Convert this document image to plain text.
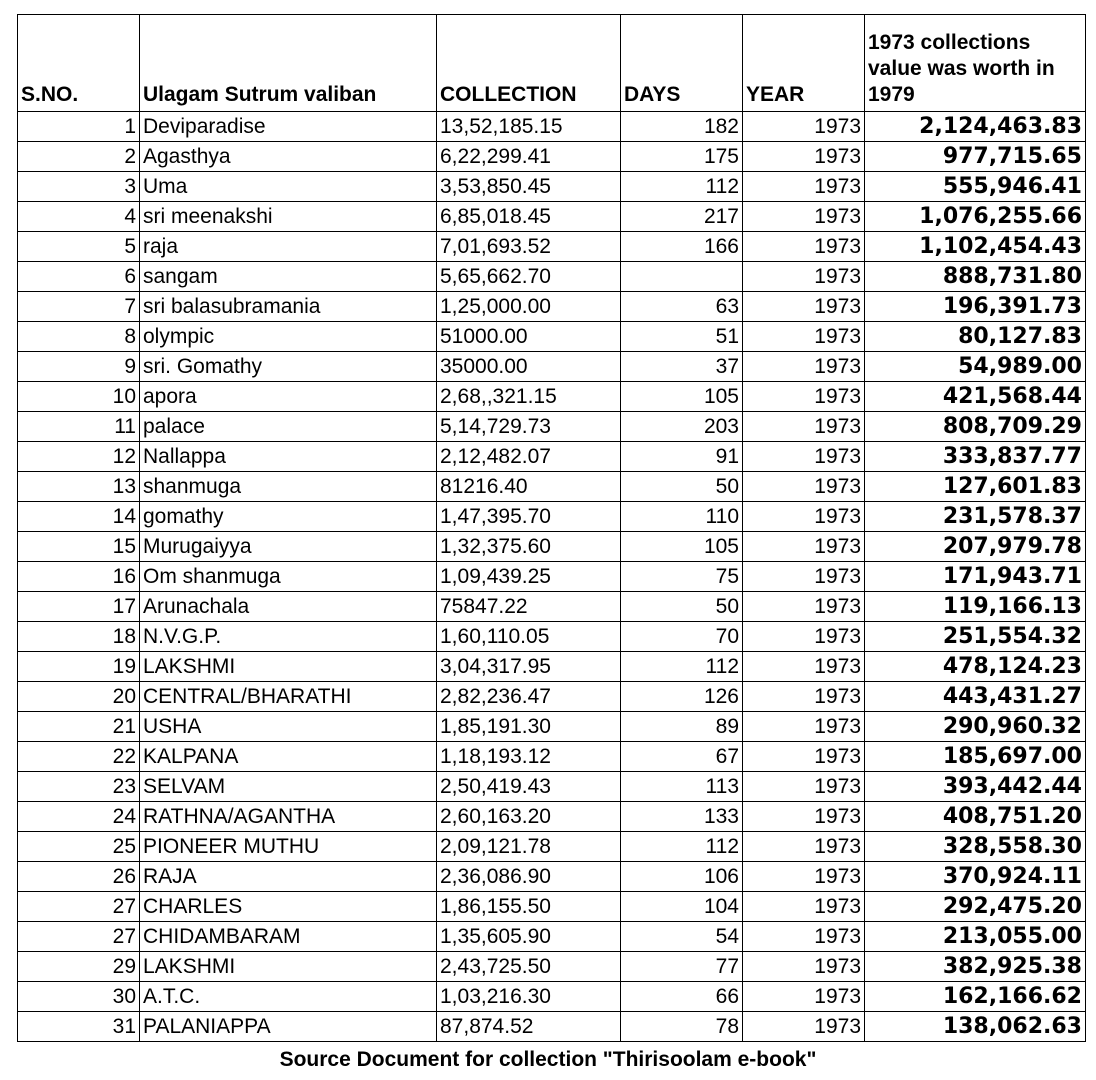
S.NO.	Ulagam Sutrum valiban	COLLECTION	DAYS	YEAR	1973 collections value was worth in 1979
1	Deviparadise	13,52,185.15	182	1973	2,124,463.83
2	Agasthya	6,22,299.41	175	1973	977,715.65
3	Uma	3,53,850.45	112	1973	555,946.41
4	sri meenakshi	6,85,018.45	217	1973	1,076,255.66
5	raja	7,01,693.52	166	1973	1,102,454.43
6	sangam	5,65,662.70		1973	888,731.80
7	sri balasubramania	1,25,000.00	63	1973	196,391.73
8	olympic	51000.00	51	1973	80,127.83
9	sri. Gomathy	35000.00	37	1973	54,989.00
10	apora	2,68,,321.15	105	1973	421,568.44
11	palace	5,14,729.73	203	1973	808,709.29
12	Nallappa	2,12,482.07	91	1973	333,837.77
13	shanmuga	81216.40	50	1973	127,601.83
14	gomathy	1,47,395.70	110	1973	231,578.37
15	Murugaiyya	1,32,375.60	105	1973	207,979.78
16	Om shanmuga	1,09,439.25	75	1973	171,943.71
17	Arunachala	75847.22	50	1973	119,166.13
18	N.V.G.P.	1,60,110.05	70	1973	251,554.32
19	LAKSHMI	3,04,317.95	112	1973	478,124.23
20	CENTRAL/BHARATHI	2,82,236.47	126	1973	443,431.27
21	USHA	1,85,191.30	89	1973	290,960.32
22	KALPANA	1,18,193.12	67	1973	185,697.00
23	SELVAM	2,50,419.43	113	1973	393,442.44
24	RATHNA/AGANTHA	2,60,163.20	133	1973	408,751.20
25	PIONEER MUTHU	2,09,121.78	112	1973	328,558.30
26	RAJA	2,36,086.90	106	1973	370,924.11
27	CHARLES	1,86,155.50	104	1973	292,475.20
27	CHIDAMBARAM	1,35,605.90	54	1973	213,055.00
29	LAKSHMI	2,43,725.50	77	1973	382,925.38
30	A.T.C.	1,03,216.30	66	1973	162,166.62
31	PALANIAPPA	87,874.52	78	1973	138,062.63
Source Document for collection "Thirisoolam e-book"
